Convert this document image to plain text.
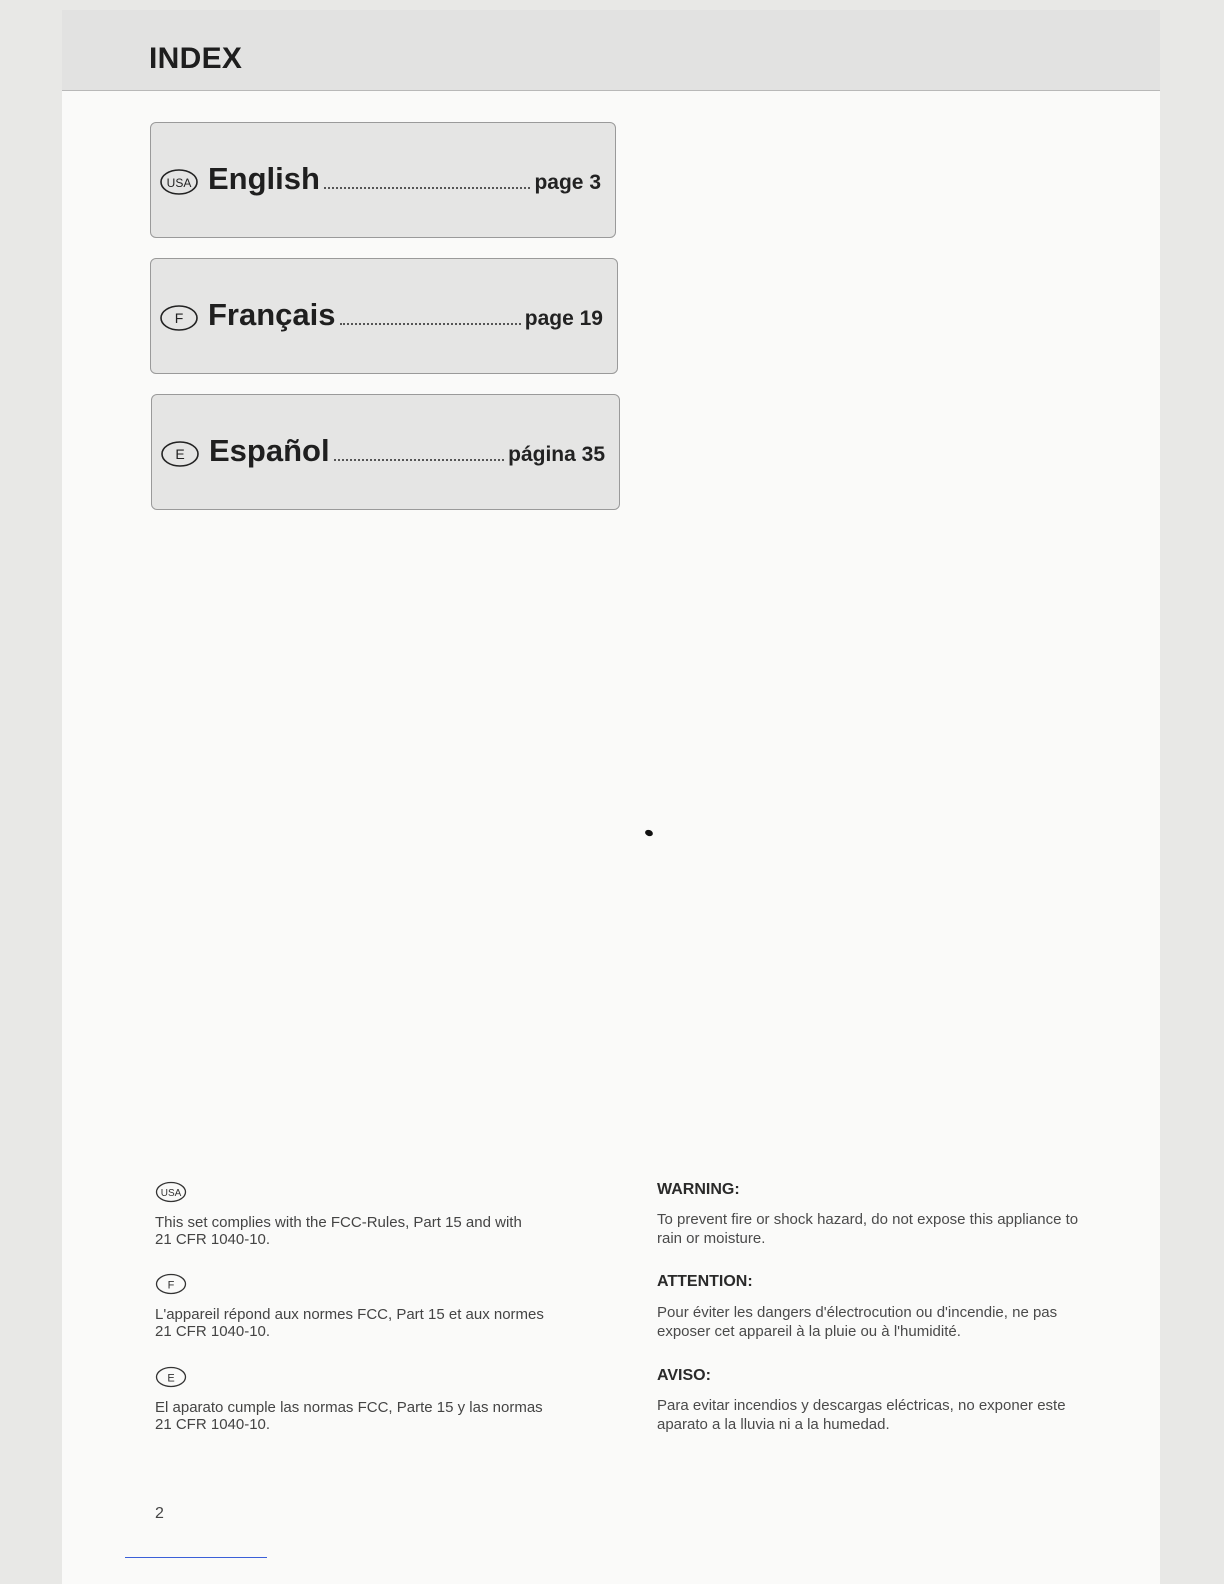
INDEX
USA English	page 3
F Français	page 19
E Español	página 35
USA
This set complies with the FCC-Rules, Part 15 and with
21 CFR 1040-10.
F
L'appareil répond aux normes FCC, Part 15 et aux normes
21 CFR 1040-10.
E
El aparato cumple las normas FCC, Parte 15 y las normas
21 CFR 1040-10.
WARNING:
To prevent fire or shock hazard, do not expose this appliance to
rain or moisture.
ATTENTION:
Pour éviter les dangers d'électrocution ou d'incendie, ne pas
exposer cet appareil à la pluie ou à l'humidité.
AVISO:
Para evitar incendios y descargas eléctricas, no exponer este
aparato a la lluvia ni a la humedad.
2
